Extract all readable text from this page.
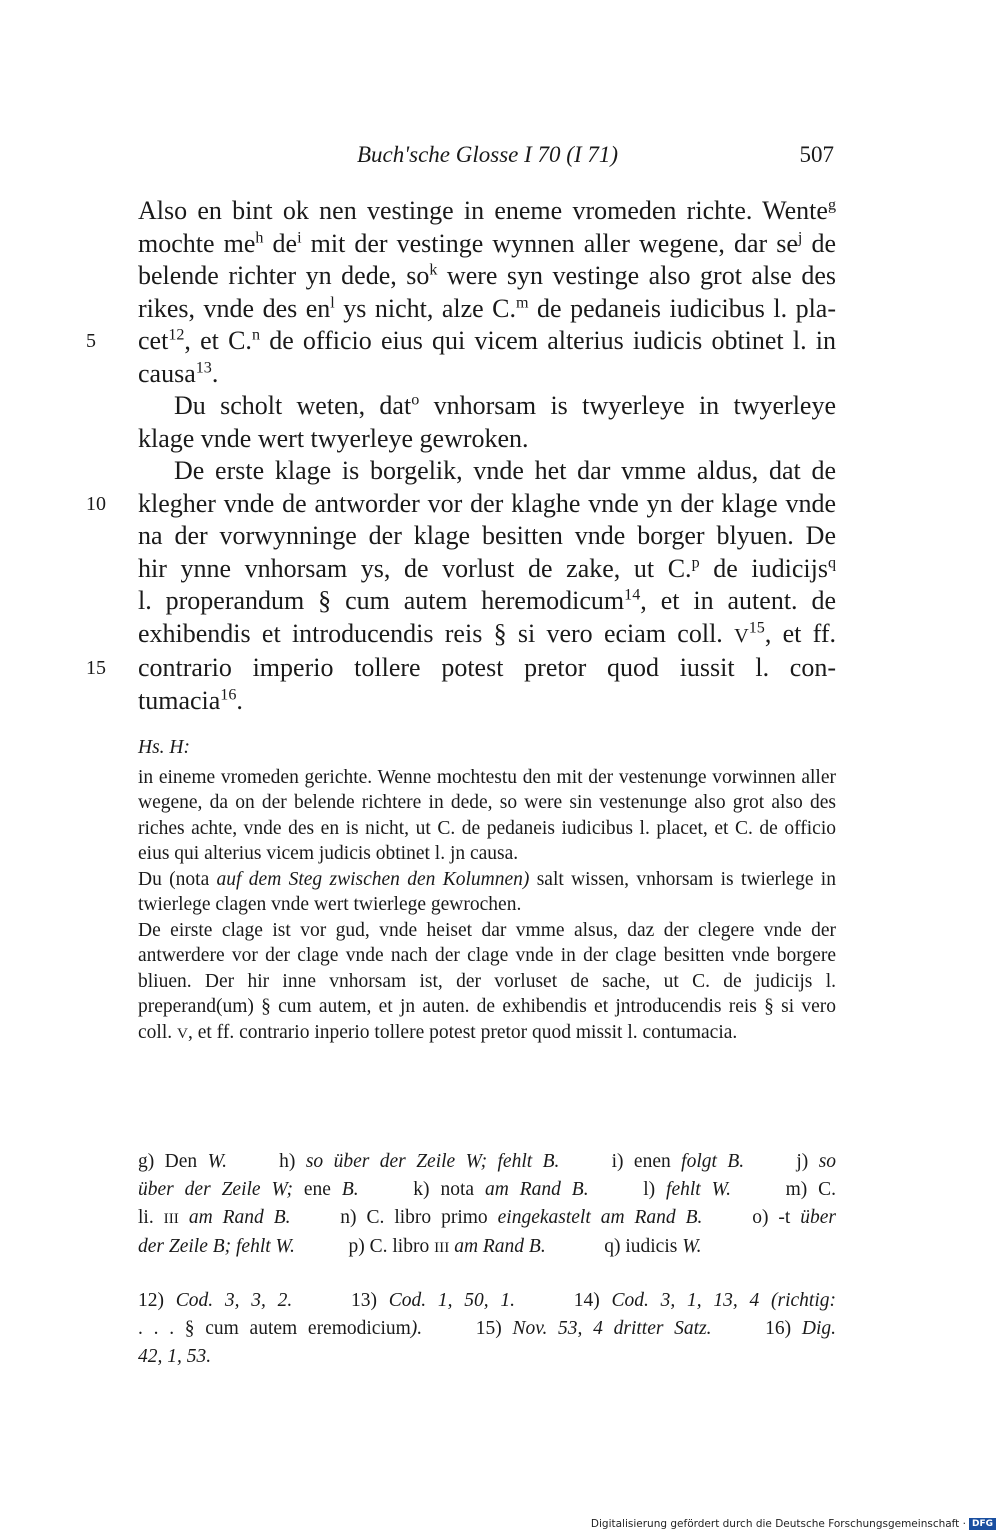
Buch'sche Glosse I 70 (I 71)	507

Also en bint ok nen vestinge in eneme vromeden richte. Wente$^g$
mochte $me^h$ $de^i$ mit der vestinge wynnen aller wegene, dar $se^j$ de
belende richter yn dede, $so^k$ were syn vestinge also grot alse des
rikes, vnde des $en^l$ ys nicht, alze C.$^m$ de pedaneis iudicibus l. pla-
5 cet$^{12}$, et C.$^n$ de officio eius qui vicem alterius iudicis obtinet l. in
causa$^{13}$.

Du scholt weten, dat$^o$ vnhorsam is twyerleye in twyerleye
klage vnde wert twyerleye gewroken.

De erste klage is borgelik, vnde het dar vmme aldus, dat de
10 klegher vnde de antworder vor der klaghe vnde yn der klage vnde
na der vorwynninge der klage besitten vnde borger blyuen. De
hir ynne vnhorsam ys, de vorlust de zake, ut C.$^p$ de iudicijs$^q$
l. properandum § cum autem heremodicum$^{14}$, et in autent. de
exhibendis et introducendis reis § si vero eciam coll. $V^{15}$, et ff.
15 contrario imperio tollere potest pretor quod iussit l. con-
tumacia$^{16}$.

Hs. H:

in eineme vromeden gerichte. Wenne mochtestu den mit der vestenunge vorwinnen aller wegene, da on der belende richtere in dede, so were sin vestenunge also grot also des riches achte, vnde des en is nicht, ut C. de pedaneis iudicibus l. placet, et C. de officio eius qui alterius vicem judicis obtinet l. jn causa.

Du (nota auf dem Steg zwischen den Kolumnen) salt wissen, vnhorsam is twierlege in twierlege clagen vnde wert twierlege gewrochen.

De eirste clage ist vor gud, vnde heiset dar vmme alsus, daz der clegere vnde der antwerdere vor der clage vnde nach der clage vnde in der clage besitten vnde borgere bliuen. Der hir inne vnhorsam ist, der vorluset de sache, ut C. de judicijs l. preperand(um) § cum autem, et jn auten. de exhibendis et jntroducendis reis § si vero coll. V, et ff. contrario inperio tollere potest pretor quod missit l. contumacia.

g) Den W.	h) so über der Zeile W; fehlt B.	i) enen folgt B.	j) so

über der Zeile W; ene B.	k) nota am Rand B.	l) fehlt W.	m) C.

li. III am Rand B.	n) C. libro primo eingekastelt am Rand B.	o) -t über

der Zeile B; fehlt W.	p) C. libro III am Rand B.	q) iudicis W.

12) Cod. 3, 3, 2.	13) Cod. 1, 50, 1.	14) Cod. 3, 1, 13, 4 (richtig:

. . . § cum autem eremodicium).	15) Nov. 53, 4 dritter Satz.	16) Dig.

42, 1, 53.

Digitalisierung gefördert durch die Deutsche Forschungsgemeinschaft · DFG
